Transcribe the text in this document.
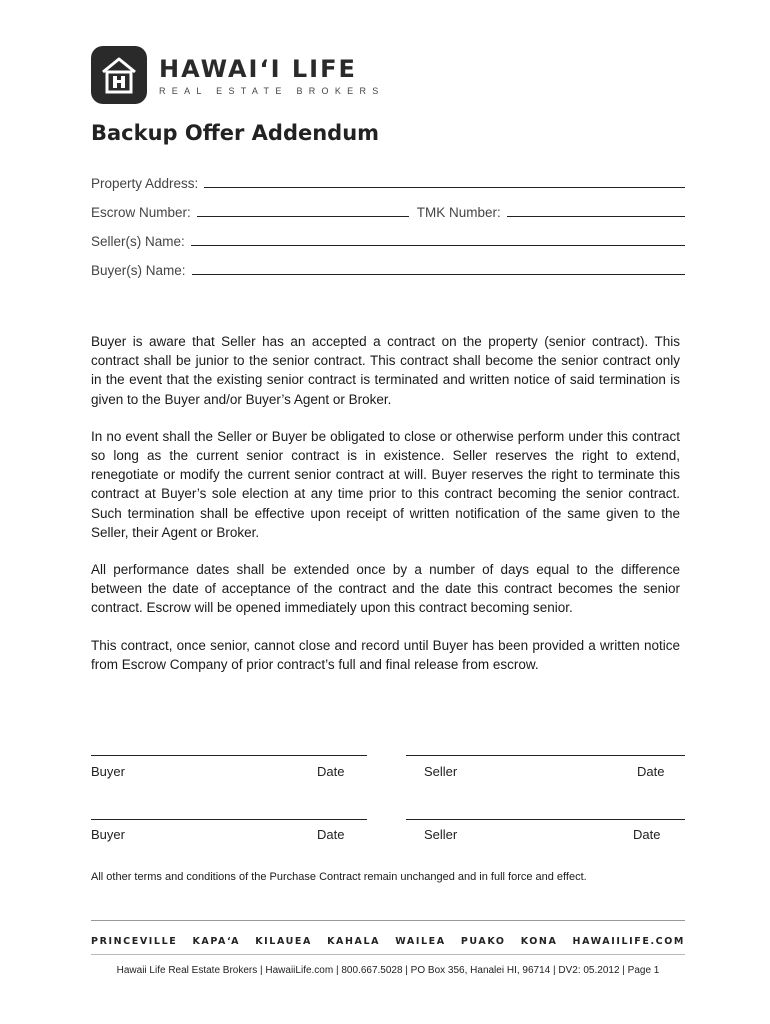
HAWAI‘I LIFE
REAL ESTATE BROKERS
Backup Offer Addendum
Property Address:
Escrow Number:	TMK Number:
Seller(s) Name:
Buyer(s) Name:

Buyer is aware that Seller has an accepted a contract on the property (senior contract). This contract shall be junior to the senior contract. This contract shall become the senior contract only in the event that the existing senior contract is terminated and written notice of said termination is given to the Buyer and/or Buyer’s Agent or Broker.

In no event shall the Seller or Buyer be obligated to close or otherwise perform under this contract so long as the current senior contract is in existence. Seller reserves the right to extend, renegotiate or modify the current senior contract at will. Buyer reserves the right to terminate this contract at Buyer’s sole election at any time prior to this contract becoming the senior contract. Such termination shall be effective upon receipt of written notification of the same given to the Seller, their Agent or Broker.

All performance dates shall be extended once by a number of days equal to the difference between the date of acceptance of the contract and the date this contract becomes the senior contract. Escrow will be opened immediately upon this contract becoming senior.

This contract, once senior, cannot close and record until Buyer has been provided a written notice from Escrow Company of prior contract’s full and final release from escrow.

Buyer	Date	Seller	Date
Buyer	Date	Seller	Date
All other terms and conditions of the Purchase Contract remain unchanged and in full force and effect.
PRINCEVILLE KAPA‘A KILAUEA KAHALA WAILEA PUAKO KONA HAWAIILIFE.COM
Hawaii Life Real Estate Brokers | HawaiiLife.com | 800.667.5028 | PO Box 356, Hanalei HI, 96714 | DV2: 05.2012 | Page 1
